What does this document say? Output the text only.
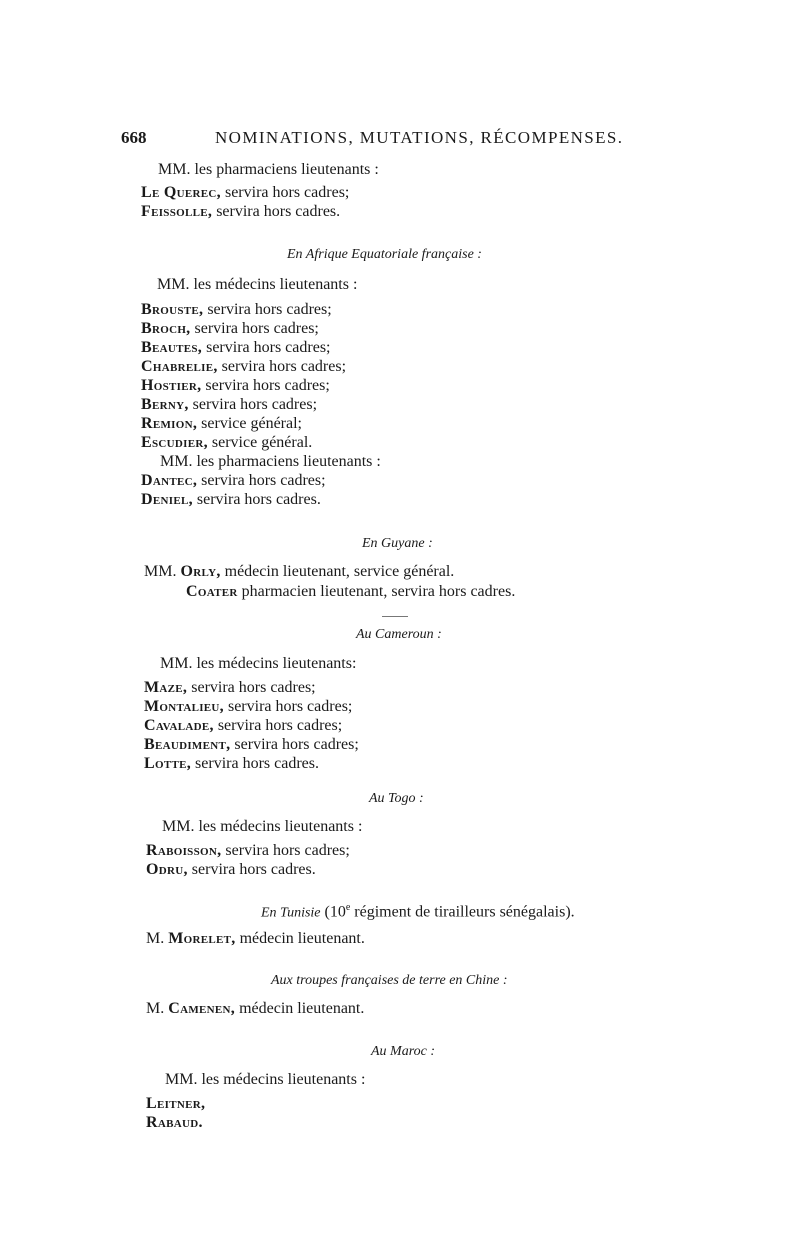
668	NOMINATIONS, MUTATIONS, RÉCOMPENSES.
MM. les pharmaciens lieutenants :
Le Querec, servira hors cadres;
Feissolle, servira hors cadres.
En Afrique Equatoriale française :
MM. les médecins lieutenants :
Brouste, servira hors cadres;
Broch, servira hors cadres;
Beautes, servira hors cadres;
Chabrelie, servira hors cadres;
Hostier, servira hors cadres;
Berny, servira hors cadres;
Remion, service général;
Escudier, service général.
MM. les pharmaciens lieutenants :
Dantec, servira hors cadres;
Deniel, servira hors cadres.
En Guyane :
MM. Orly, médecin lieutenant, service général.
Coater pharmacien lieutenant, servira hors cadres.
Au Cameroun :
MM. les médecins lieutenants:
Maze, servira hors cadres;
Montalieu, servira hors cadres;
Cavalade, servira hors cadres;
Beaudiment, servira hors cadres;
Lotte, servira hors cadres.
Au Togo :
MM. les médecins lieutenants :
Raboisson, servira hors cadres;
Odru, servira hors cadres.
En Tunisie (10e régiment de tirailleurs sénégalais).
M. Morelet, médecin lieutenant.
Aux troupes françaises de terre en Chine :
M. Camenen, médecin lieutenant.
Au Maroc :
MM. les médecins lieutenants :
Leitner,
Rabaud.
